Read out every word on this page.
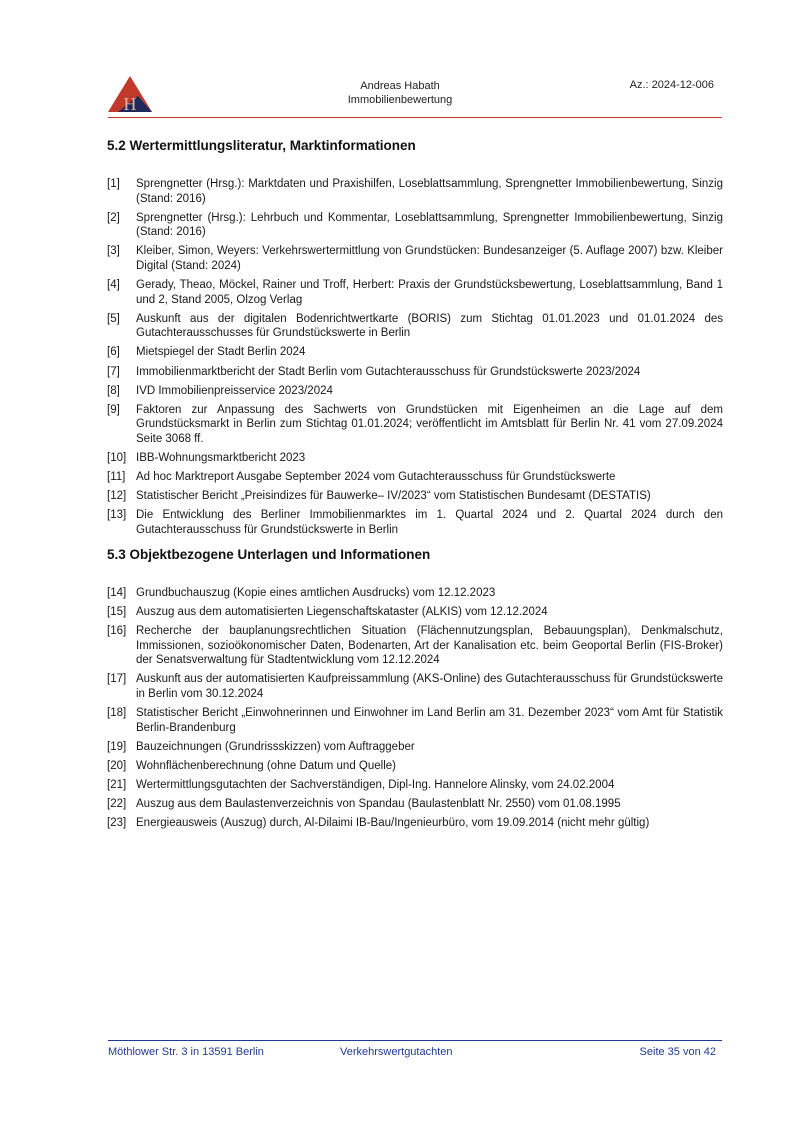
H
Andreas Habath
Immobilienbewertung
Az.: 2024-12-006
5.2 Wertermittlungsliteratur, Marktinformationen
[1]	Sprengnetter (Hrsg.): Marktdaten und Praxishilfen, Loseblattsammlung, Sprengnetter Immobilienbewertung, Sinzig (Stand: 2016)
[2]	Sprengnetter (Hrsg.): Lehrbuch und Kommentar, Loseblattsammlung, Sprengnetter Immobilienbewertung, Sinzig (Stand: 2016)
[3]	Kleiber, Simon, Weyers: Verkehrswertermittlung von Grundstücken: Bundesanzeiger (5. Auflage 2007) bzw. Kleiber Digital (Stand: 2024)
[4]	Gerady, Theao, Möckel, Rainer und Troff, Herbert: Praxis der Grundstücksbewertung, Loseblattsammlung, Band 1 und 2, Stand 2005, Olzog Verlag
[5]	Auskunft aus der digitalen Bodenrichtwertkarte (BORIS) zum Stichtag 01.01.2023 und 01.01.2024 des Gutachterausschusses für Grundstückswerte in Berlin
[6]	Mietspiegel der Stadt Berlin 2024
[7]	Immobilienmarktbericht der Stadt Berlin vom Gutachterausschuss für Grundstückswerte 2023/2024
[8]	IVD Immobilienpreisservice 2023/2024
[9]	Faktoren zur Anpassung des Sachwerts von Grundstücken mit Eigenheimen an die Lage auf dem Grundstücksmarkt in Berlin zum Stichtag 01.01.2024; veröffentlicht im Amtsblatt für Berlin Nr. 41 vom 27.09.2024 Seite 3068 ff.
[10] IBB-Wohnungsmarktbericht 2023
[11] Ad hoc Marktreport Ausgabe September 2024 vom Gutachterausschuss für Grundstückswerte
[12] Statistischer Bericht „Preisindizes für Bauwerke– IV/2023“ vom Statistischen Bundesamt (DESTATIS)
[13] Die Entwicklung des Berliner Immobilienmarktes im 1. Quartal 2024 und 2. Quartal 2024 durch den Gutachterausschuss für Grundstückswerte in Berlin
5.3 Objektbezogene Unterlagen und Informationen
[14] Grundbuchauszug (Kopie eines amtlichen Ausdrucks) vom 12.12.2023
[15] Auszug aus dem automatisierten Liegenschaftskataster (ALKIS) vom 12.12.2024
[16] Recherche der bauplanungsrechtlichen Situation (Flächennutzungsplan, Bebauungsplan), Denkmalschutz, Immissionen, sozioökonomischer Daten, Bodenarten, Art der Kanalisation etc. beim Geoportal Berlin (FIS-Broker) der Senatsverwaltung für Stadtentwicklung vom 12.12.2024
[17] Auskunft aus der automatisierten Kaufpreissammlung (AKS-Online) des Gutachterausschuss für Grundstückswerte in Berlin vom 30.12.2024
[18] Statistischer Bericht „Einwohnerinnen und Einwohner im Land Berlin am 31. Dezember 2023“ vom Amt für Statistik Berlin-Brandenburg
[19] Bauzeichnungen (Grundrissskizzen) vom Auftraggeber
[20] Wohnflächenberechnung (ohne Datum und Quelle)
[21] Wertermittlungsgutachten der Sachverständigen, Dipl-Ing. Hannelore Alinsky, vom 24.02.2004
[22] Auszug aus dem Baulastenverzeichnis von Spandau (Baulastenblatt Nr. 2550) vom 01.08.1995
[23] Energieausweis (Auszug) durch, Al-Dilaimi IB-Bau/Ingenieurbüro, vom 19.09.2014 (nicht mehr gültig)
Möthlower Str. 3 in 13591 Berlin	Verkehrswertgutachten	Seite 35 von 42
